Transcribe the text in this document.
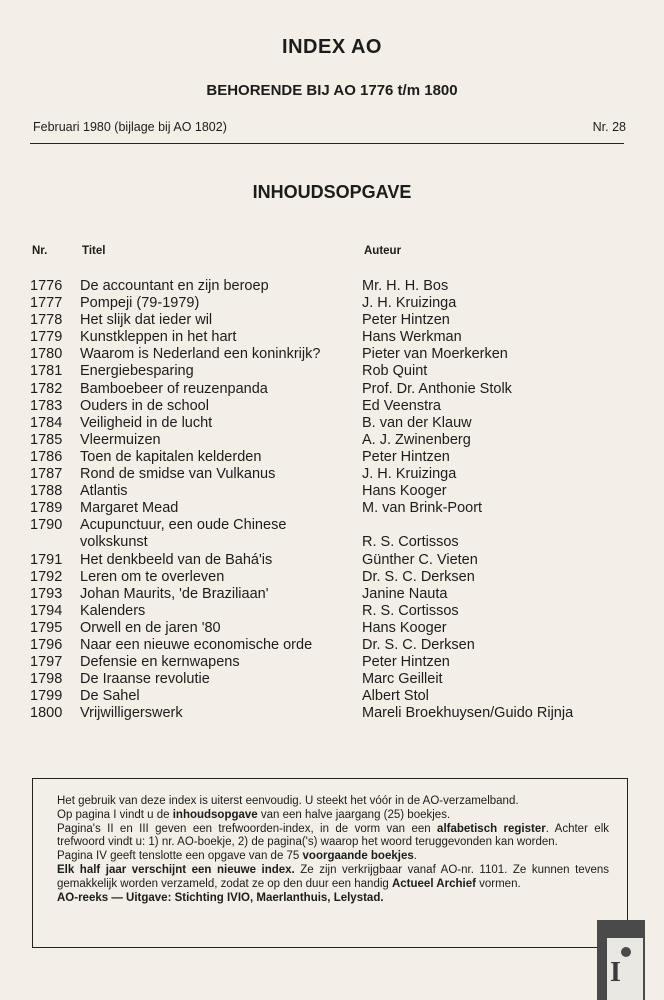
INDEX AO
BEHORENDE BIJ AO 1776 t/m 1800
Februari 1980 (bijlage bij AO 1802)	Nr. 28
INHOUDSOPGAVE
Nr.	Titel	Auteur
1776 De accountant en zijn beroep	Mr. H. H. Bos
1777 Pompeji (79-1979)	J. H. Kruizinga
1778 Het slijk dat ieder wil	Peter Hintzen
1779 Kunstkleppen in het hart	Hans Werkman
1780 Waarom is Nederland een koninkrijk?	Pieter van Moerkerken
1781 Energiebesparing	Rob Quint
1782 Bamboebeer of reuzenpanda	Prof. Dr. Anthonie Stolk
1783 Ouders in de school	Ed Veenstra
1784 Veiligheid in de lucht	B. van der Klauw
1785 Vleermuizen	A. J. Zwinenberg
1786 Toen de kapitalen kelderden	Peter Hintzen
1787 Rond de smidse van Vulkanus	J. H. Kruizinga
1788 Atlantis	Hans Kooger
1789 Margaret Mead	M. van Brink-Poort
1790 Acupunctuur, een oude Chinese volkskunst	R. S. Cortissos
1791 Het denkbeeld van de Bahá'is	Günther C. Vieten
1792 Leren om te overleven	Dr. S. C. Derksen
1793 Johan Maurits, 'de Braziliaan'	Janine Nauta
1794 Kalenders	R. S. Cortissos
1795 Orwell en de jaren '80	Hans Kooger
1796 Naar een nieuwe economische orde	Dr. S. C. Derksen
1797 Defensie en kernwapens	Peter Hintzen
1798 De Iraanse revolutie	Marc Geilleit
1799 De Sahel	Albert Stol
1800 Vrijwilligerswerk	Mareli Broekhuysen/Guido Rijnja

Het gebruik van deze index is uiterst eenvoudig. U steekt het vóór in de AO-verzamelband.

Op pagina I vindt u de inhoudsopgave van een halve jaargang (25) boekjes.

Pagina's II en III geven een trefwoorden-index, in de vorm van een alfabetisch register. Achter elk trefwoord vindt u: 1) nr. AO-boekje, 2) de pagina('s) waarop het woord teruggevonden kan worden.

Pagina IV geeft tenslotte een opgave van de 75 voorgaande boekjes.

Elk half jaar verschijnt een nieuwe index. Ze zijn verkrijgbaar vanaf AO-nr. 1101. Ze kunnen tevens gemakkelijk worden verzameld, zodat ze op den duur een handig Actueel Archief vormen.

AO-reeks — Uitgave: Stichting IVIO, Maerlanthuis, Lelystad.

I
